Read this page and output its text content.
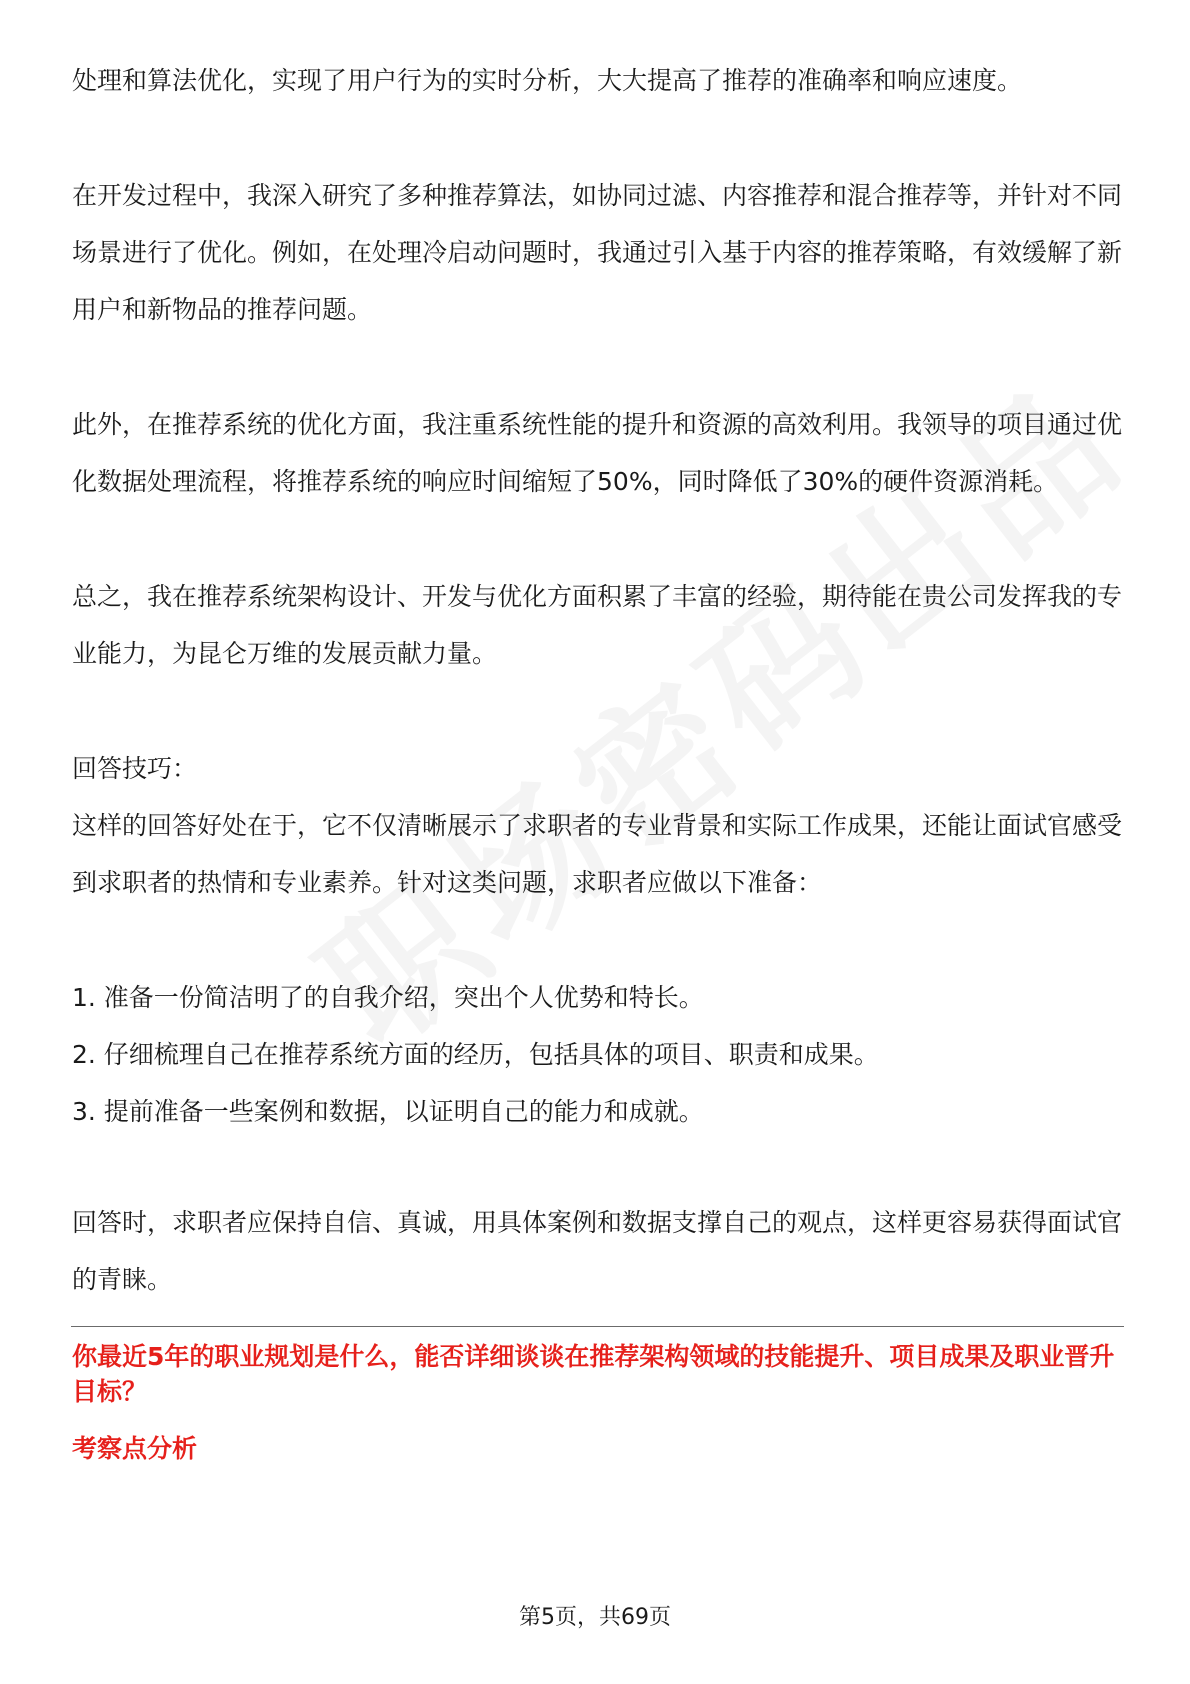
处理和算法优化，实现了用户行为的实时分析，大大提高了推荐的准确率和响应速度。

在开发过程中，我深入研究了多种推荐算法，如协同过滤、内容推荐和混合推荐等，并针对不同场景进行了优化。例如，在处理冷启动问题时，我通过引入基于内容的推荐策略，有效缓解了新用户和新物品的推荐问题。

此外，在推荐系统的优化方面，我注重系统性能的提升和资源的高效利用。我领导的项目通过优化数据处理流程，将推荐系统的响应时间缩短了50%，同时降低了30%的硬件资源消耗。

总之，我在推荐系统架构设计、开发与优化方面积累了丰富的经验，期待能在贵公司发挥我的专业能力，为昆仑万维的发展贡献力量。

回答技巧：

这样的回答好处在于，它不仅清晰展示了求职者的专业背景和实际工作成果，还能让面试官感受到求职者的热情和专业素养。针对这类问题，求职者应做以下准备：

1. 准备一份简洁明了的自我介绍，突出个人优势和特长。
2. 仔细梳理自己在推荐系统方面的经历，包括具体的项目、职责和成果。
3. 提前准备一些案例和数据，以证明自己的能力和成就。

回答时，求职者应保持自信、真诚，用具体案例和数据支撑自己的观点，这样更容易获得面试官的青睐。

你最近5年的职业规划是什么，能否详细谈谈在推荐架构领域的技能提升、项目成果及职业晋升目标？

考察点分析

第5页，共69页
